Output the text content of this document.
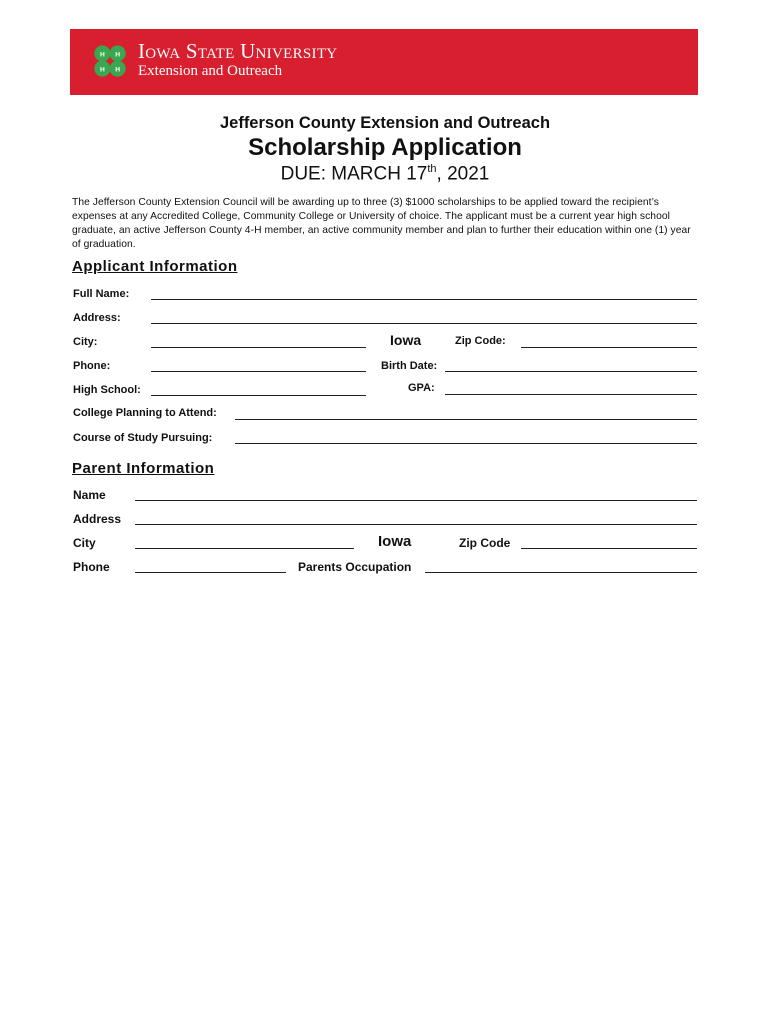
H H
H H
Iowa State University
Extension and Outreach
Jefferson County Extension and Outreach
Scholarship Application
DUE: MARCH 17th, 2021
The Jefferson County Extension Council will be awarding up to three (3) $1000 scholarships to be applied toward the recipient’s expenses at any Accredited College, Community College or University of choice. The applicant must be a current year high school graduate, an active Jefferson County 4-H member, an active community member and plan to further their education within one (1) year of graduation.
Applicant Information
Full Name:
Address:
City:	Iowa	Zip Code:
Phone:	Birth Date:
High School:	GPA:
College Planning to Attend:
Course of Study Pursuing:
Parent Information
Name
Address
City	Iowa	Zip Code
Phone	Parents Occupation
